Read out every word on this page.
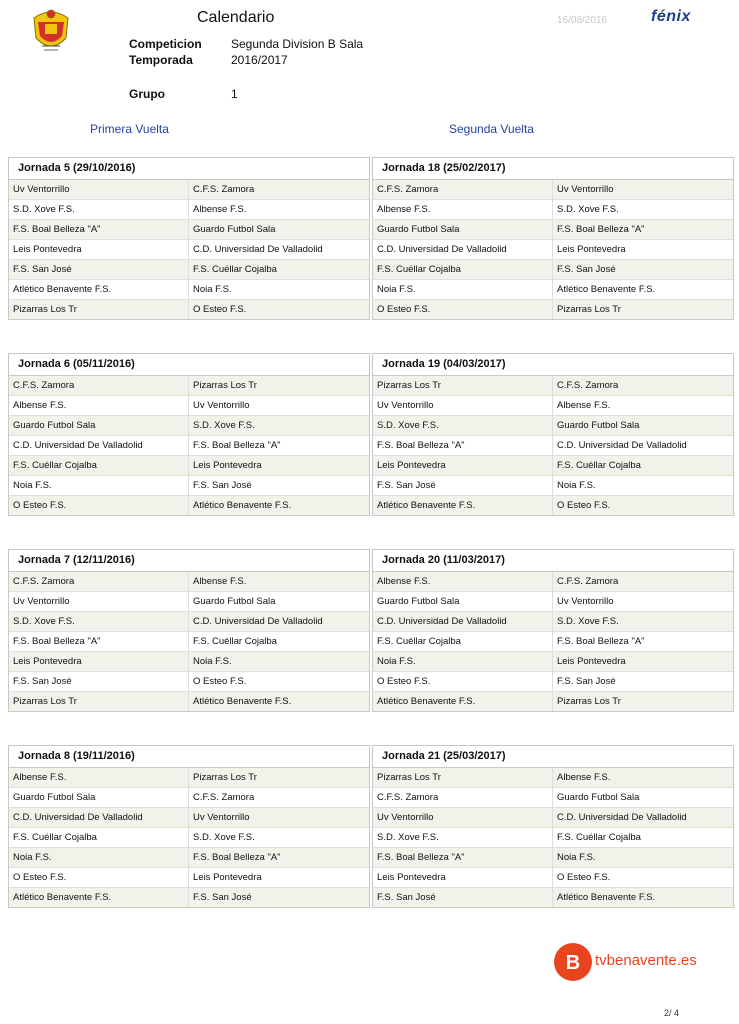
Calendario	16/08/2016	fénix
Competicion Segunda Division B Sala
Temporada	2016/2017
Grupo	1
Primera Vuelta	Segunda Vuelta
Jornada 5 (29/10/2016)
Uv Ventorrillo	C.F.S. Zamora
S.D. Xove F.S.	Albense F.S.
F.S. Boal Belleza "A"	Guardo Futbol Sala
Leis Pontevedra	C.D. Universidad De Valladolid
F.S. San José	F.S. Cuéllar Cojalba
Atlético Benavente F.S.	Noia F.S.
Pizarras Los Tr	O Esteo F.S.
Jornada 18 (25/02/2017)
C.F.S. Zamora	Uv Ventorrillo
Albense F.S.	S.D. Xove F.S.
Guardo Futbol Sala	F.S. Boal Belleza "A"
C.D. Universidad De Valladolid	Leis Pontevedra
F.S. Cuéllar Cojalba	F.S. San José
Noia F.S.	Atlético Benavente F.S.
O Esteo F.S.	Pizarras Los Tr
Jornada 6 (05/11/2016)
C.F.S. Zamora	Pizarras Los Tr
Albense F.S.	Uv Ventorrillo
Guardo Futbol Sala	S.D. Xove F.S.
C.D. Universidad De Valladolid	F.S. Boal Belleza "A"
F.S. Cuéllar Cojalba	Leis Pontevedra
Noia F.S.	F.S. San José
O Esteo F.S.	Atlético Benavente F.S.
Jornada 19 (04/03/2017)
Pizarras Los Tr	C.F.S. Zamora
Uv Ventorrillo	Albense F.S.
S.D. Xove F.S.	Guardo Futbol Sala
F.S. Boal Belleza "A"	C.D. Universidad De Valladolid
Leis Pontevedra	F.S. Cuéllar Cojalba
F.S. San José	Noia F.S.
Atlético Benavente F.S.	O Esteo F.S.
Jornada 7 (12/11/2016)
C.F.S. Zamora	Albense F.S.
Uv Ventorrillo	Guardo Futbol Sala
S.D. Xove F.S.	C.D. Universidad De Valladolid
F.S. Boal Belleza "A"	F.S. Cuéllar Cojalba
Leis Pontevedra	Noia F.S.
F.S. San José	O Esteo F.S.
Pizarras Los Tr	Atlético Benavente F.S.
Jornada 20 (11/03/2017)
Albense F.S.	C.F.S. Zamora
Guardo Futbol Sala	Uv Ventorrillo
C.D. Universidad De Valladolid	S.D. Xove F.S.
F.S. Cuéllar Cojalba	F.S. Boal Belleza "A"
Noia F.S.	Leis Pontevedra
O Esteo F.S.	F.S. San José
Atlético Benavente F.S.	Pizarras Los Tr
Jornada 8 (19/11/2016)
Albense F.S.	Pizarras Los Tr
Guardo Futbol Sala	C.F.S. Zamora
C.D. Universidad De Valladolid	Uv Ventorrillo
F.S. Cuéllar Cojalba	S.D. Xove F.S.
Noia F.S.	F.S. Boal Belleza "A"
O Esteo F.S.	Leis Pontevedra
Atlético Benavente F.S.	F.S. San José
Jornada 21 (25/03/2017)
Pizarras Los Tr	Albense F.S.
C.F.S. Zamora	Guardo Futbol Sala
Uv Ventorrillo	C.D. Universidad De Valladolid
S.D. Xove F.S.	F.S. Cuéllar Cojalba
F.S. Boal Belleza "A"	Noia F.S.
Leis Pontevedra	O Esteo F.S.
F.S. San José	Atlético Benavente F.S.
B tvbenavente.es
2/ 4
